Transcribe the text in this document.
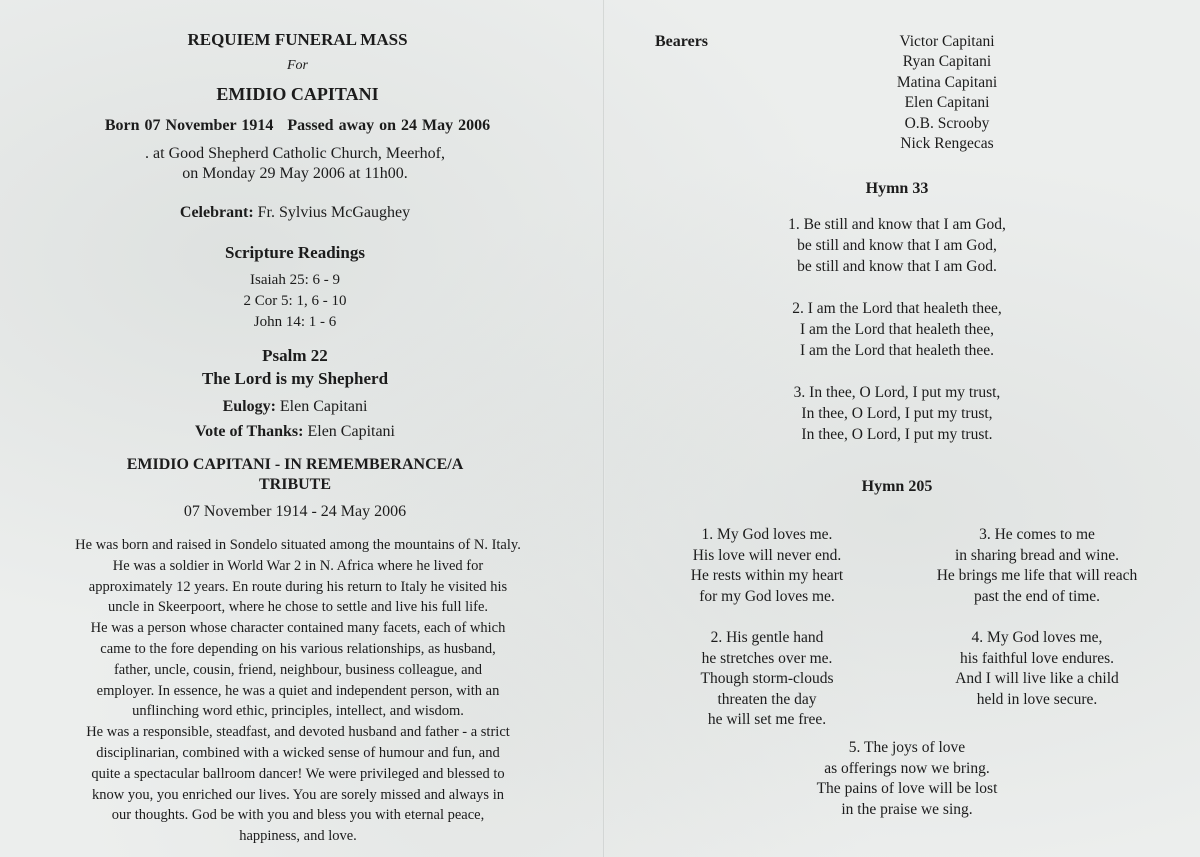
REQUIEM FUNERAL MASS
For
EMIDIO CAPITANI
Born 07 November 1914 Passed away on 24 May 2006
. at Good Shepherd Catholic Church, Meerhof,
on Monday 29 May 2006 at 11h00.
Celebrant: Fr. Sylvius McGaughey
Scripture Readings
Isaiah 25: 6 - 9
2 Cor 5: 1, 6 - 10
John 14: 1 - 6
Psalm 22
The Lord is my Shepherd
Eulogy: Elen Capitani
Vote of Thanks: Elen Capitani
EMIDIO CAPITANI - IN REMEMBERANCE/A
TRIBUTE
07 November 1914 - 24 May 2006
He was born and raised in Sondelo situated among the mountains of N. Italy.
He was a soldier in World War 2 in N. Africa where he lived for
approximately 12 years. En route during his return to Italy he visited his
uncle in Skeerpoort, where he chose to settle and live his full life.
He was a person whose character contained many facets, each of which
came to the fore depending on his various relationships, as husband,
father, uncle, cousin, friend, neighbour, business colleague, and
employer. In essence, he was a quiet and independent person, with an
unflinching word ethic, principles, intellect, and wisdom.
He was a responsible, steadfast, and devoted husband and father - a strict
disciplinarian, combined with a wicked sense of humour and fun, and
quite a spectacular ballroom dancer! We were privileged and blessed to
know you, you enriched our lives. You are sorely missed and always in
our thoughts. God be with you and bless you with eternal peace,
happiness, and love.
Bearers	Victor Capitani
Ryan Capitani
Matina Capitani
Elen Capitani
O.B. Scrooby
Nick Rengecas
Hymn 33
1. Be still and know that I am God,
be still and know that I am God,
be still and know that I am God.
2. I am the Lord that healeth thee,
I am the Lord that healeth thee,
I am the Lord that healeth thee.
3. In thee, O Lord, I put my trust,
In thee, O Lord, I put my trust,
In thee, O Lord, I put my trust.
Hymn 205
1. My God loves me.
His love will never end.
He rests within my heart
for my God loves me.
3. He comes to me
in sharing bread and wine.
He brings me life that will reach
past the end of time.
2. His gentle hand
he stretches over me.
Though storm-clouds
threaten the day
he will set me free.
4. My God loves me,
his faithful love endures.
And I will live like a child
held in love secure.
5. The joys of love
as offerings now we bring.
The pains of love will be lost
in the praise we sing.
